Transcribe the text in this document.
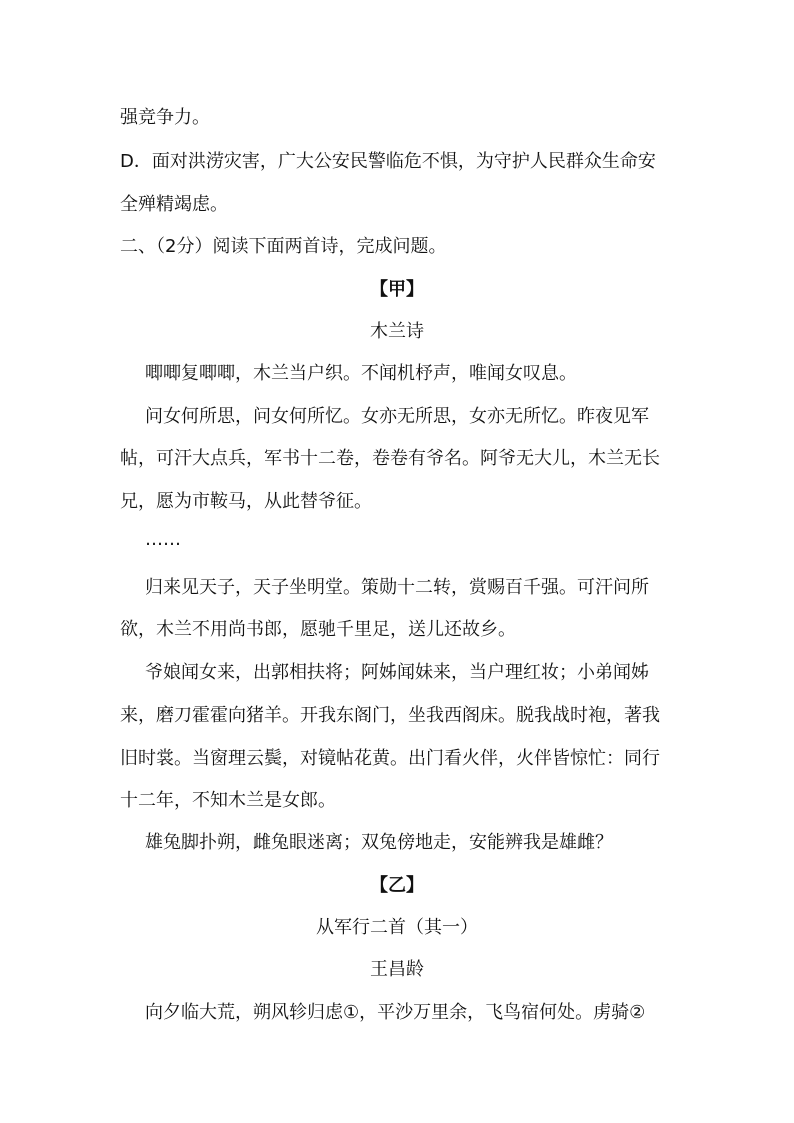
强竞争力。
D．面对洪涝灾害，广大公安民警临危不惧，为守护人民群众生命安
全殚精竭虑。
二、（2分）阅读下面两首诗，完成问题。
【甲】
木兰诗
唧唧复唧唧，木兰当户织。不闻机杼声，唯闻女叹息。
问女何所思，问女何所忆。女亦无所思，女亦无所忆。昨夜见军
帖，可汗大点兵，军书十二卷，卷卷有爷名。阿爷无大儿，木兰无长
兄，愿为市鞍马，从此替爷征。
……
归来见天子，天子坐明堂。策勋十二转，赏赐百千强。可汗问所
欲，木兰不用尚书郎，愿驰千里足，送儿还故乡。
爷娘闻女来，出郭相扶将；阿姊闻妹来，当户理红妆；小弟闻姊
来，磨刀霍霍向猪羊。开我东阁门，坐我西阁床。脱我战时袍，著我
旧时裳。当窗理云鬓，对镜帖花黄。出门看火伴，火伴皆惊忙：同行
十二年，不知木兰是女郎。
雄兔脚扑朔，雌兔眼迷离；双兔傍地走，安能辨我是雄雌？
【乙】
从军行二首（其一）
王昌龄
向夕临大荒，朔风轸归虑①，平沙万里余，飞鸟宿何处。虏骑②
